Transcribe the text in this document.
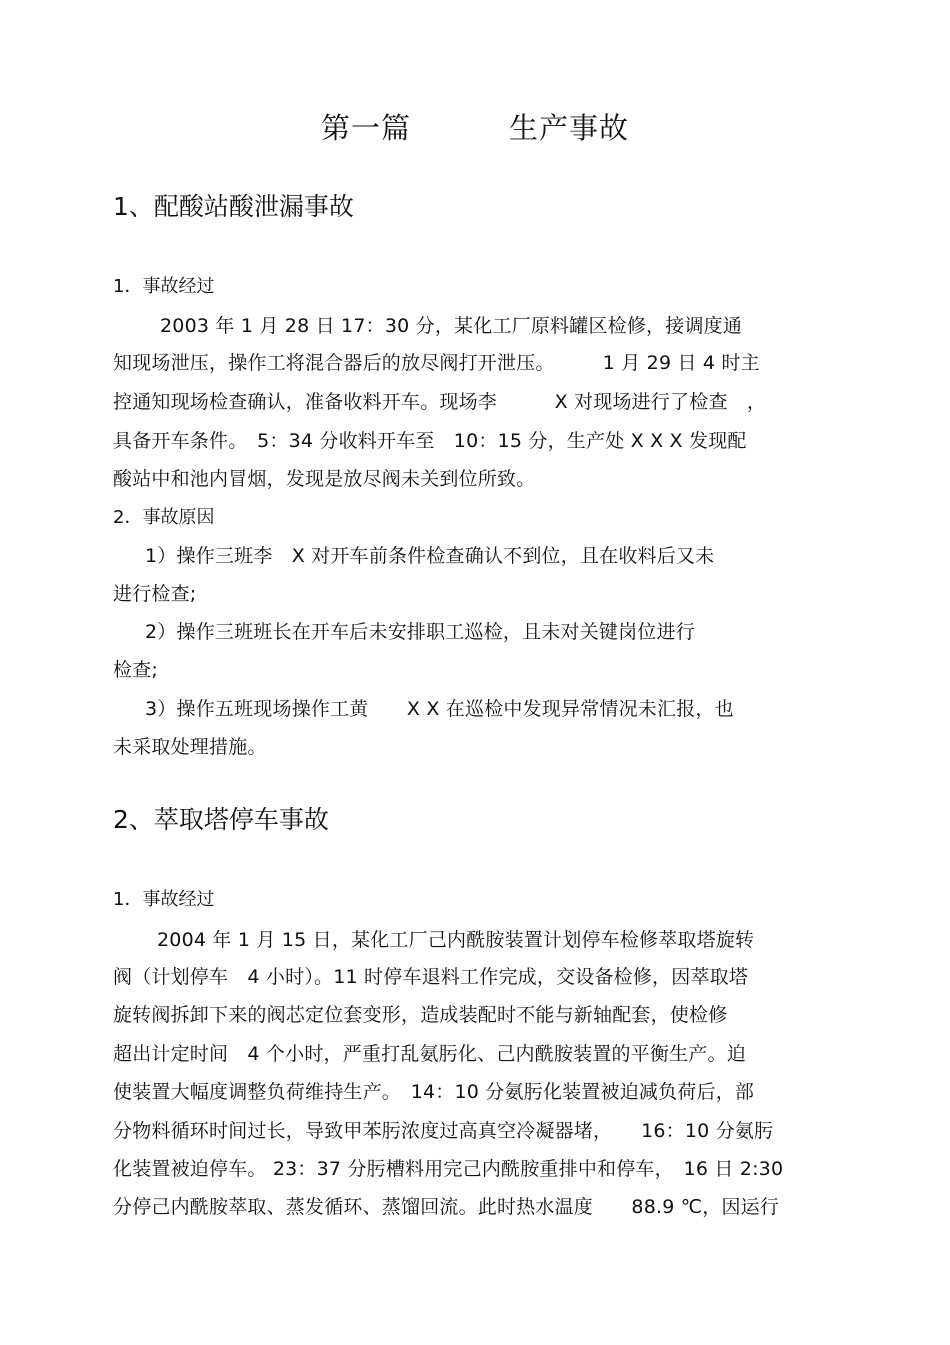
第一篇	生产事故
1、配酸站酸泄漏事故
1．事故经过
2003 年 1 月 28 日 17：30 分，某化工厂原料罐区检修，接调度通
知现场泄压，操作工将混合器后的放尽阀打开泄压。　　　1 月 29 日 4 时主
控通知现场检查确认，准备收料开车。现场李　　　X 对现场进行了检查　，
具备开车条件。　5：34 分收料开车至　10：15 分，生产处 X X X 发现配
酸站中和池内冒烟，发现是放尽阀未关到位所致。
2．事故原因
1）操作三班李　X 对开车前条件检查确认不到位，且在收料后又未
进行检查;
2）操作三班班长在开车后未安排职工巡检，且未对关键岗位进行
检查;
3）操作五班现场操作工黄　　X X 在巡检中发现异常情况未汇报，也
未采取处理措施。
2、萃取塔停车事故
1．事故经过
2004 年 1 月 15 日，某化工厂己内酰胺装置计划停车检修萃取塔旋转
阀（计划停车　4 小时）。11 时停车退料工作完成，交设备检修，因萃取塔
旋转阀拆卸下来的阀芯定位套变形，造成装配时不能与新轴配套，使检修
超出计定时间　4 个小时，严重打乱氨肟化、己内酰胺装置的平衡生产。迫
使装置大幅度调整负荷维持生产。　14：10 分氨肟化装置被迫减负荷后，部
分物料循环时间过长，导致甲苯肟浓度过高真空冷凝器堵，　　16：10 分氨肟
化装置被迫停车。 23：37 分肟槽料用完己内酰胺重排中和停车，　16 日 2:30
分停己内酰胺萃取、蒸发循环、蒸馏回流。此时热水温度　　88.9 ℃，因运行
